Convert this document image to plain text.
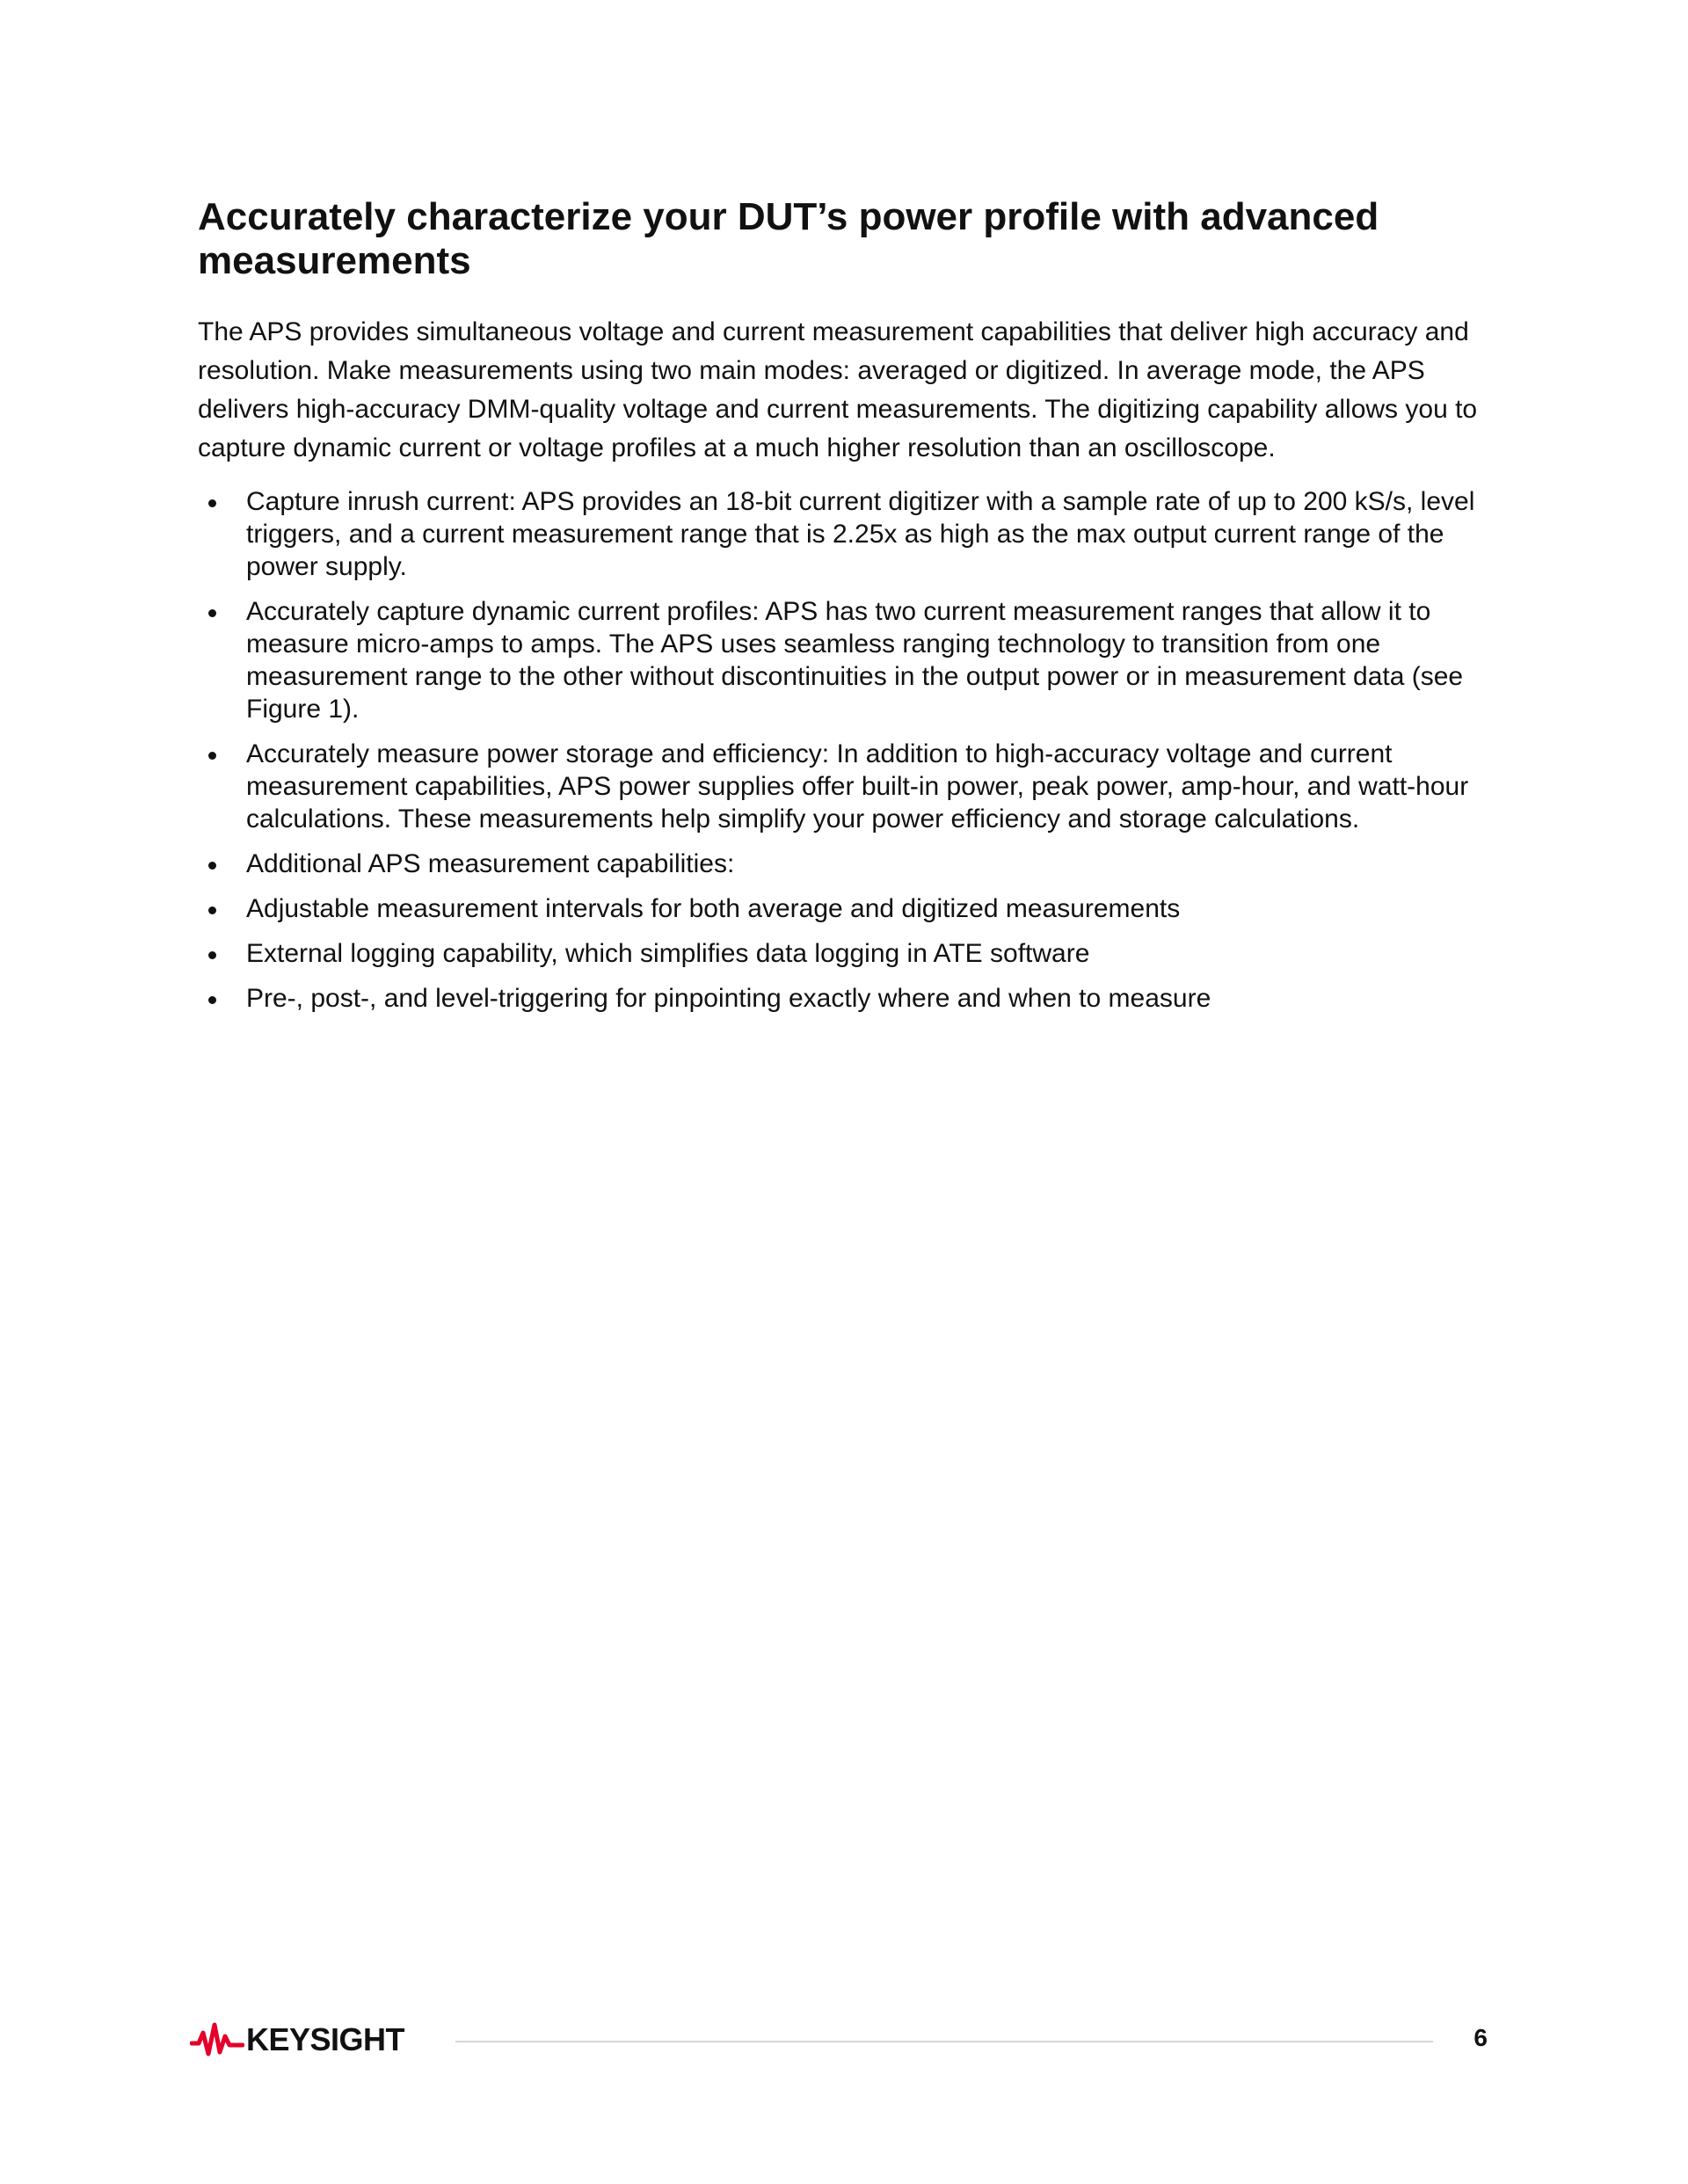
Accurately characterize your DUT’s power profile with advanced measurements

The APS provides simultaneous voltage and current measurement capabilities that deliver high accuracy and resolution. Make measurements using two main modes: averaged or digitized. In average mode, the APS delivers high-accuracy DMM-quality voltage and current measurements. The digitizing capability allows you to capture dynamic current or voltage profiles at a much higher resolution than an oscilloscope.

Capture inrush current: APS provides an 18-bit current digitizer with a sample rate of up to 200 kS/s, level triggers, and a current measurement range that is 2.25x as high as the max output current range of the power supply.
Accurately capture dynamic current profiles: APS has two current measurement ranges that allow it to measure micro-amps to amps. The APS uses seamless ranging technology to transition from one measurement range to the other without discontinuities in the output power or in measurement data (see Figure 1).
Accurately measure power storage and efficiency: In addition to high-accuracy voltage and current measurement capabilities, APS power supplies offer built-in power, peak power, amp-hour, and watt-hour calculations. These measurements help simplify your power efficiency and storage calculations.
Additional APS measurement capabilities:
Adjustable measurement intervals for both average and digitized measurements
External logging capability, which simplifies data logging in ATE software
Pre-, post-, and level-triggering for pinpointing exactly where and when to measure
KEYSIGHT	6
